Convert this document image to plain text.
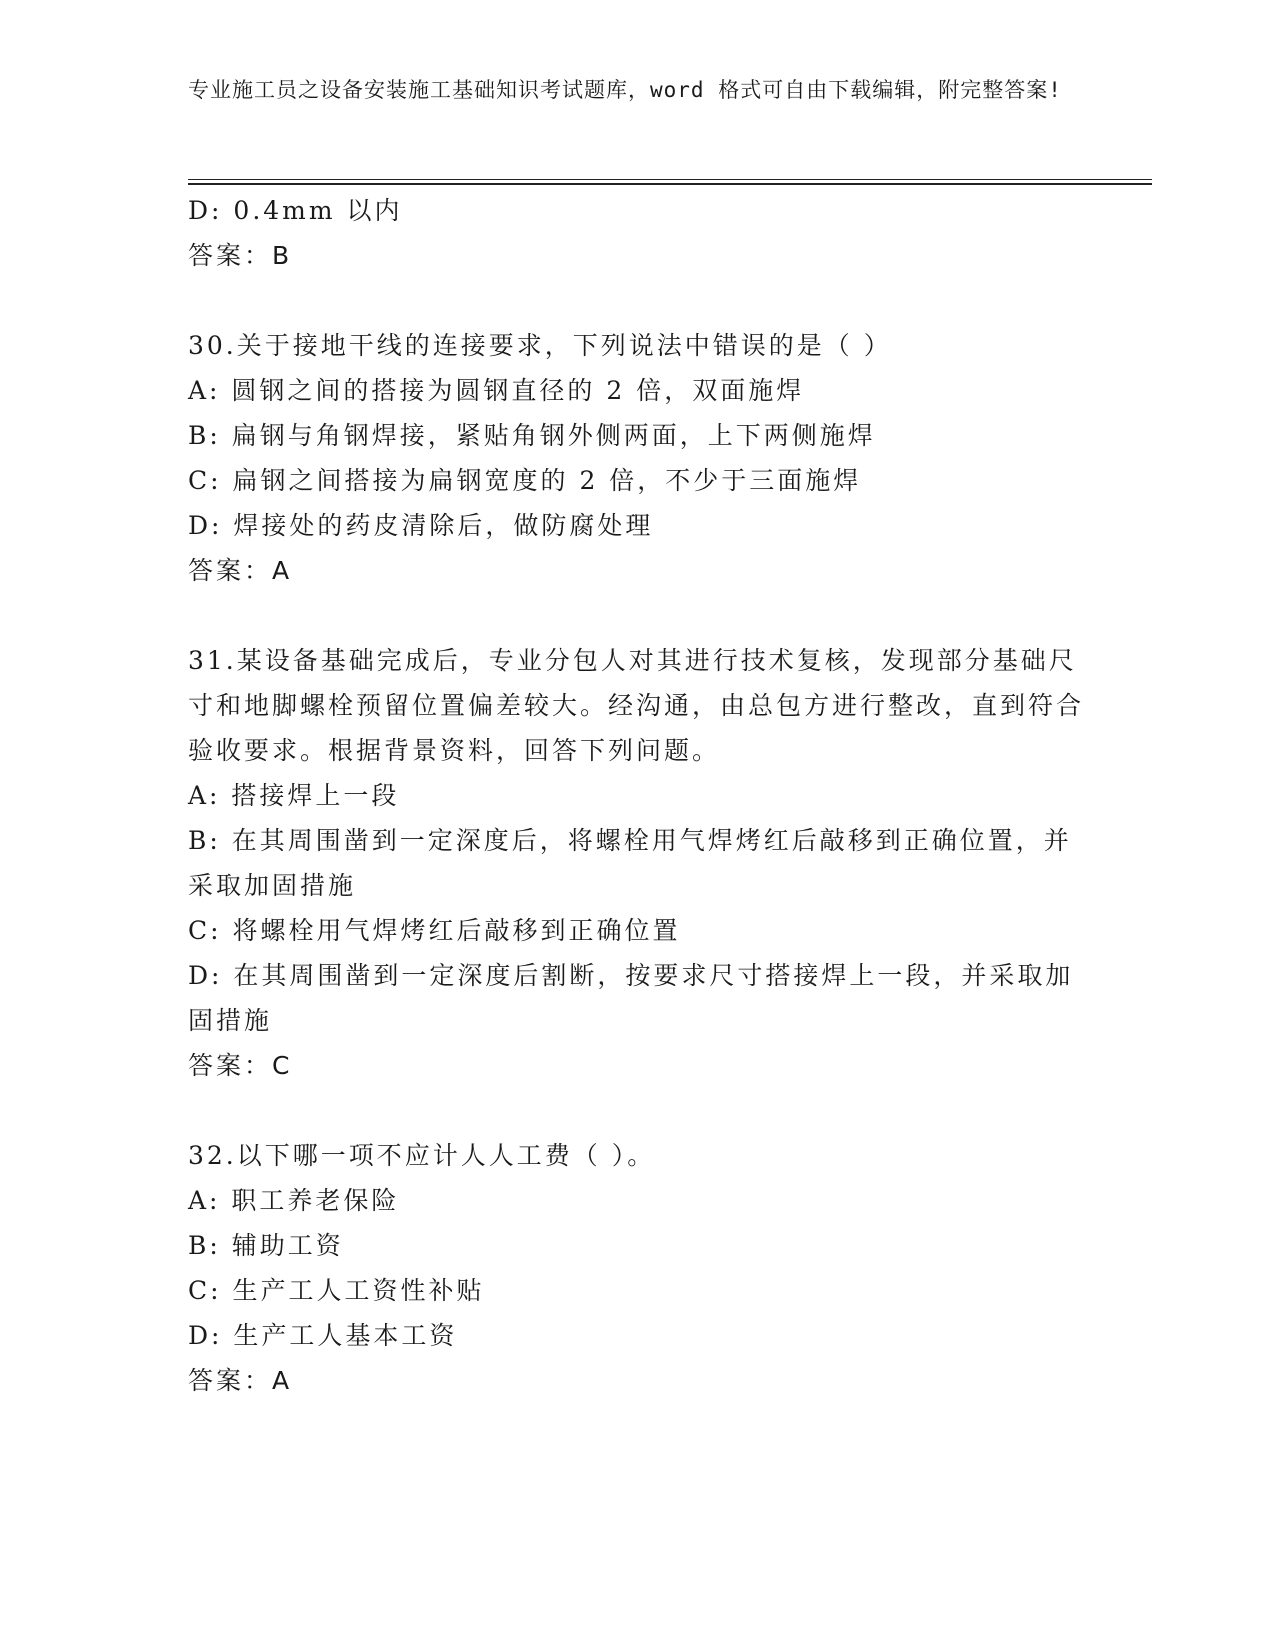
专业施工员之设备安装施工基础知识考试题库，word 格式可自由下载编辑，附完整答案!
D: 0.4mm 以内
答案：B
30.关于接地干线的连接要求，下列说法中错误的是（ ）
A: 圆钢之间的搭接为圆钢直径的 2 倍，双面施焊
B: 扁钢与角钢焊接，紧贴角钢外侧两面，上下两侧施焊
C: 扁钢之间搭接为扁钢宽度的 2 倍，不少于三面施焊
D: 焊接处的药皮清除后，做防腐处理
答案：A
31.某设备基础完成后，专业分包人对其进行技术复核，发现部分基础尺寸和地脚螺栓预留位置偏差较大。经沟通，由总包方进行整改，直到符合验收要求。根据背景资料，回答下列问题。
A: 搭接焊上一段
B: 在其周围凿到一定深度后，将螺栓用气焊烤红后敲移到正确位置，并采取加固措施
C: 将螺栓用气焊烤红后敲移到正确位置
D: 在其周围凿到一定深度后割断，按要求尺寸搭接焊上一段，并采取加固措施
答案：C
32.以下哪一项不应计人人工费（ ）。
A: 职工养老保险
B: 辅助工资
C: 生产工人工资性补贴
D: 生产工人基本工资
答案：A
